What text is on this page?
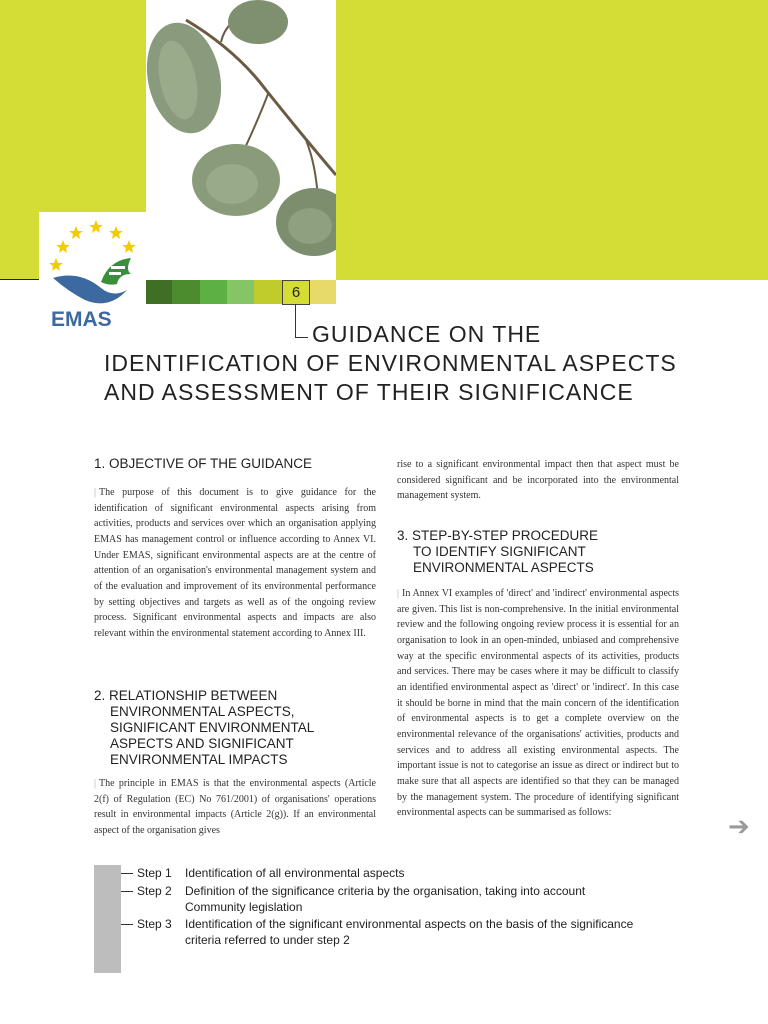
EMAS
6
GUIDANCE ON THE
IDENTIFICATION OF ENVIRONMENTAL ASPECTS
AND ASSESSMENT OF THEIR SIGNIFICANCE
1. OBJECTIVE OF THE GUIDANCE
| The purpose of this document is to give guidance for the identification of significant environmental aspects arising from activities, products and services over which an organisation applying EMAS has management control or influence according to Annex VI. Under EMAS, significant environmental aspects are at the centre of attention of an organisation's environmental management system and of the evaluation and improvement of its environmental performance by setting objectives and targets as well as of the ongoing review process. Significant environmental aspects and impacts are also relevant within the environmental statement according to Annex III.
2. RELATIONSHIP BETWEEN
ENVIRONMENTAL ASPECTS,
SIGNIFICANT ENVIRONMENTAL
ASPECTS AND SIGNIFICANT
ENVIRONMENTAL IMPACTS
| The principle in EMAS is that the environmental aspects (Article 2(f) of Regulation (EC) No 761/2001) of organisations' operations result in environmental impacts (Article 2(g)). If an environmental aspect of the organisation gives
rise to a significant environmental impact then that aspect must be considered significant and be incorporated into the environmental management system.
3. STEP-BY-STEP PROCEDURE
TO IDENTIFY SIGNIFICANT
ENVIRONMENTAL ASPECTS
| In Annex VI examples of 'direct' and 'indirect' environmental aspects are given. This list is non-comprehensive. In the initial environmental review and the following ongoing review process it is essential for an organisation to look in an open-minded, unbiased and comprehensive way at the specific environmental aspects of its activities, products and services. There may be cases where it may be difficult to classify an identified environmental aspect as 'direct' or 'indirect'. In this case it should be borne in mind that the main concern of the identification of environmental aspects is to get a complete overview on the environmental relevance of the organisations' activities, products and services and to address all existing environmental aspects. The important issue is not to categorise an issue as direct or indirect but to make sure that all aspects are identified so that they can be managed by the management system. The procedure of identifying significant environmental aspects can be summarised as follows:	➔
Step 1 Identification of all environmental aspects
Step 2 Definition of the significance criteria by the organisation, taking into account Community legislation
Step 3 Identification of the significant environmental aspects on the basis of the significance criteria referred to under step 2
